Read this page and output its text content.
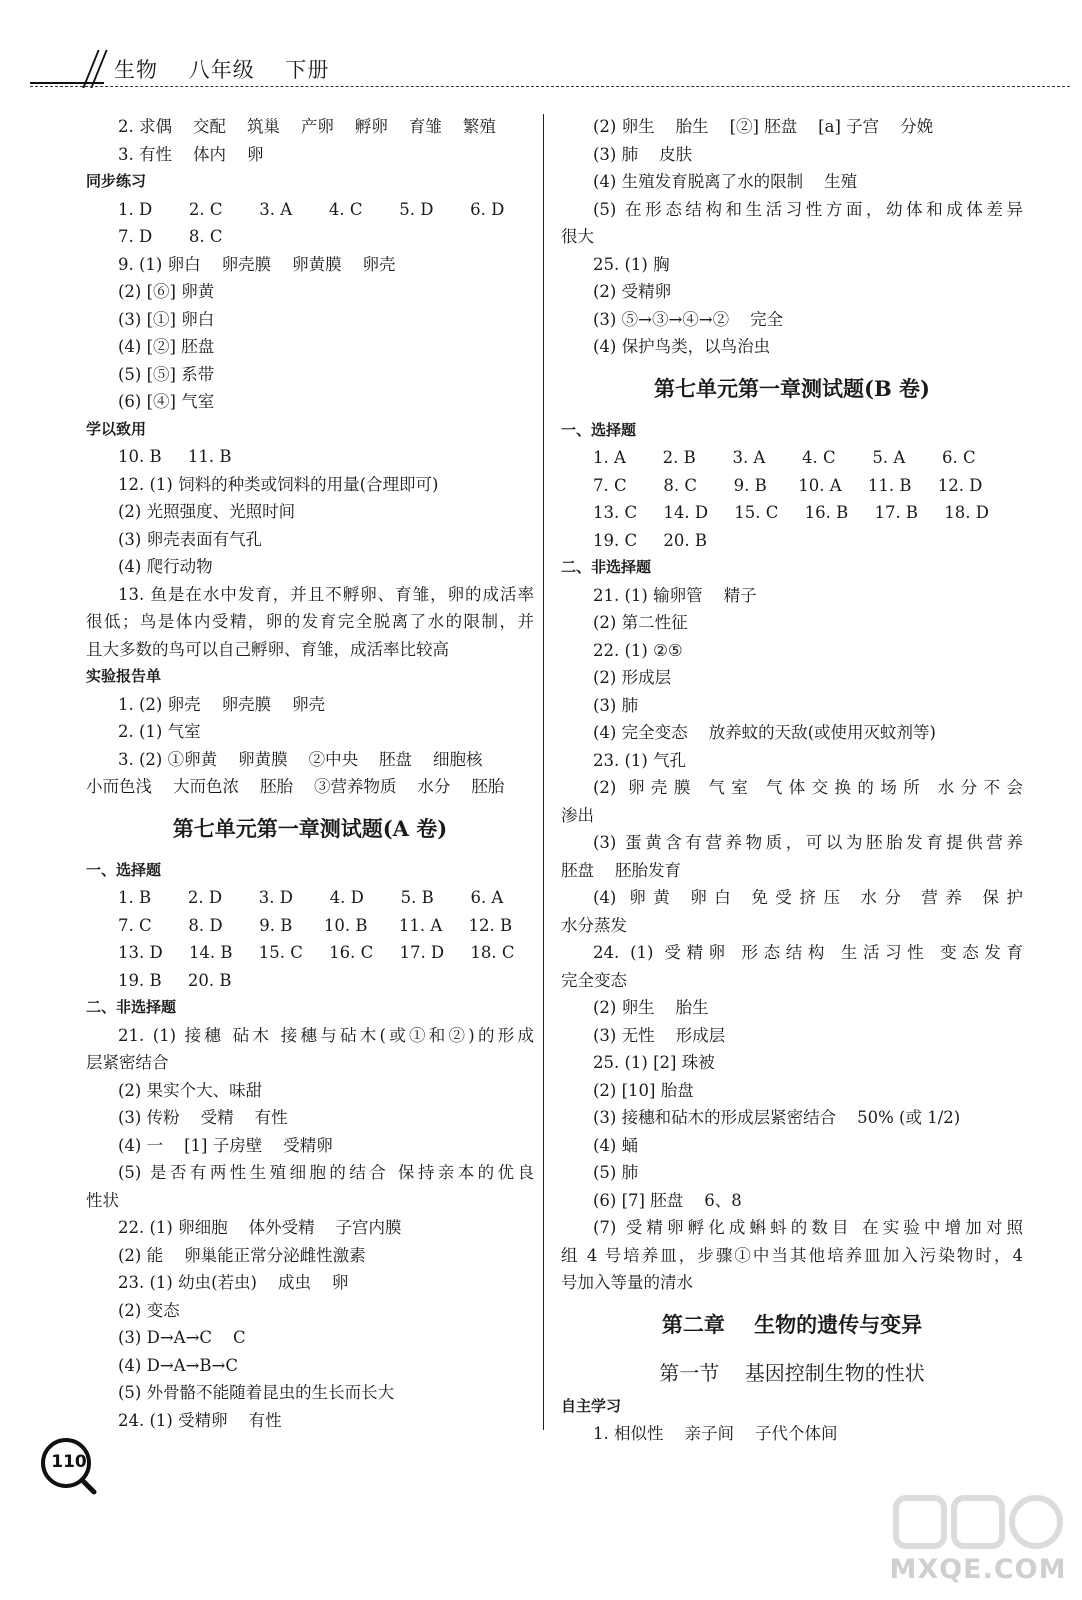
生物    八年级    下册
2. 求偶    交配    筑巢    产卵    孵卵    育雏    繁殖
3. 有性    体内    卵
同步练习
1. D       2. C       3. A       4. C       5. D       6. D
7. D       8. C
9. (1) 卵白    卵壳膜    卵黄膜    卵壳
(2) [⑥] 卵黄
(3) [①] 卵白
(4) [②] 胚盘
(5) [⑤] 系带
(6) [④] 气室
学以致用
10. B     11. B
12. (1) 饲料的种类或饲料的用量(合理即可)
(2) 光照强度、光照时间
(3) 卵壳表面有气孔
(4) 爬行动物
13. 鱼是在水中发育，并且不孵卵、育雏，卵的成活率
很低；鸟是体内受精，卵的发育完全脱离了水的限制，并
且大多数的鸟可以自己孵卵、育雏，成活率比较高
实验报告单
1. (2) 卵壳    卵壳膜    卵壳
2. (1) 气室
3. (2) ①卵黄    卵黄膜    ②中央    胚盘    细胞核
小而色浅    大而色浓    胚胎    ③营养物质    水分    胚胎
第七单元第一章测试题(A 卷)
一、选择题
1. B       2. D       3. D       4. D       5. B       6. A
7. C       8. D       9. B      10. B      11. A     12. B
13. D     14. B     15. C     16. C     17. D     18. C
19. B     20. B
二、非选择题
21. (1) 接穗 砧木 接穗与砧木(或①和②)的形成
层紧密结合
(2) 果实个大、味甜
(3) 传粉    受精    有性
(4) 一    [1] 子房壁    受精卵
(5) 是否有两性生殖细胞的结合 保持亲本的优良
性状
22. (1) 卵细胞    体外受精    子宫内膜
(2) 能    卵巢能正常分泌雌性激素
23. (1) 幼虫(若虫)    成虫    卵
(2) 变态
(3) D→A→C    C
(4) D→A→B→C
(5) 外骨骼不能随着昆虫的生长而长大
24. (1) 受精卵    有性
(2) 卵生    胎生    [②] 胚盘    [a] 子宫    分娩
(3) 肺    皮肤
(4) 生殖发育脱离了水的限制    生殖
(5) 在形态结构和生活习性方面，幼体和成体差异
很大
25. (1) 胸
(2) 受精卵
(3) ⑤→③→④→②    完全
(4) 保护鸟类，以鸟治虫
第七单元第一章测试题(B 卷)
一、选择题
1. A       2. B       3. A       4. C       5. A       6. C
7. C       8. C       9. B      10. A     11. B     12. D
13. C     14. D     15. C     16. B     17. B     18. D
19. C     20. B
二、非选择题
21. (1) 输卵管    精子
(2) 第二性征
22. (1) ②⑤
(2) 形成层
(3) 肺
(4) 完全变态    放养蚊的天敌(或使用灭蚊剂等)
23. (1) 气孔
(2) 卵壳膜 气室 气体交换的场所 水分不会
渗出
(3) 蛋黄含有营养物质，可以为胚胎发育提供营养
胚盘    胚胎发育
(4) 卵黄 卵白 免受挤压 水分 营养 保护
水分蒸发
24. (1) 受精卵 形态结构 生活习性 变态发育
完全变态
(2) 卵生    胎生
(3) 无性    形成层
25. (1) [2] 珠被
(2) [10] 胎盘
(3) 接穗和砧木的形成层紧密结合    50% (或 1/2)
(4) 蛹
(5) 肺
(6) [7] 胚盘    6、8
(7) 受精卵孵化成蝌蚪的数目 在实验中增加对照
组 4 号培养皿，步骤①中当其他培养皿加入污染物时，4
号加入等量的清水
第二章    生物的遗传与变异
第一节    基因控制生物的性状
自主学习
1. 相似性    亲子间    子代个体间
110
MXQE.COM
